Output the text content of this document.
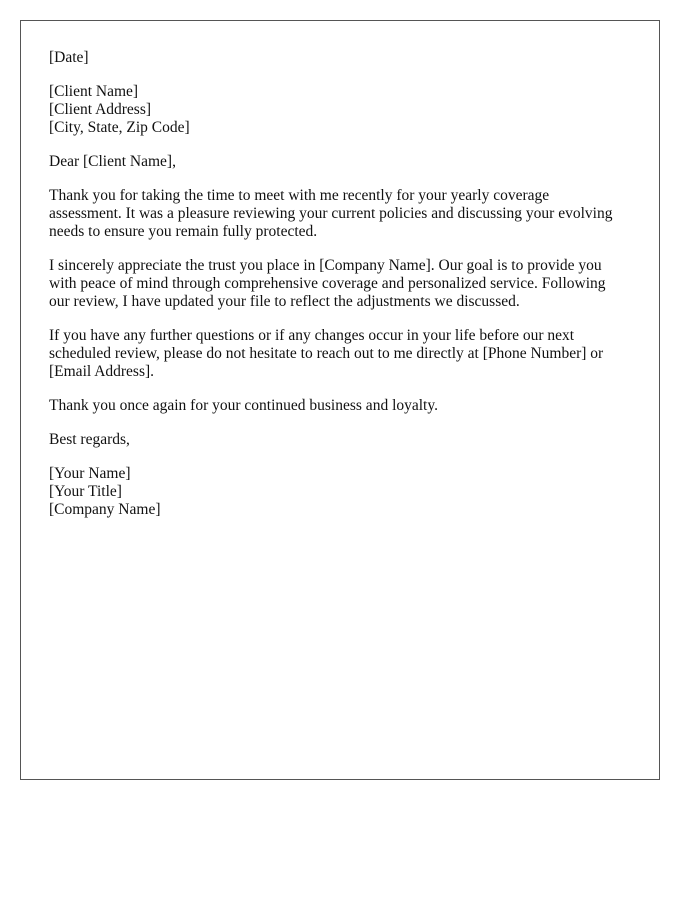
[Date]
[Client Name]
[Client Address]
[City, State, Zip Code]
Dear [Client Name],
Thank you for taking the time to meet with me recently for your yearly coverage
assessment. It was a pleasure reviewing your current policies and discussing your evolving
needs to ensure you remain fully protected.
I sincerely appreciate the trust you place in [Company Name]. Our goal is to provide you
with peace of mind through comprehensive coverage and personalized service. Following
our review, I have updated your file to reflect the adjustments we discussed.
If you have any further questions or if any changes occur in your life before our next
scheduled review, please do not hesitate to reach out to me directly at [Phone Number] or
[Email Address].
Thank you once again for your continued business and loyalty.
Best regards,
[Your Name]
[Your Title]
[Company Name]
